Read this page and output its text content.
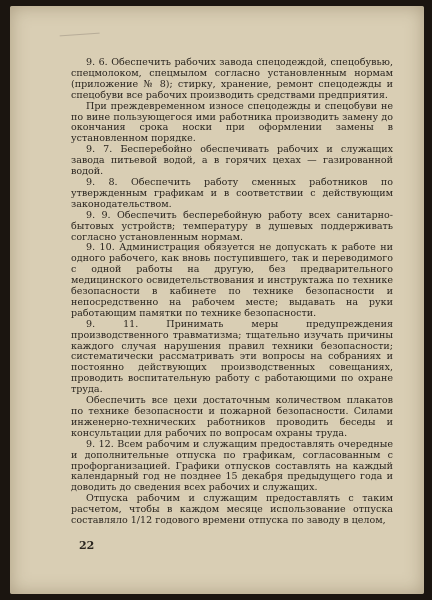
9. 6. Обеспечить рабочих завода спецодеждой, спецобувью, спецмолоком, спецмылом согласно установленным нормам (приложение № 8); стирку, хранение, ремонт спецодежды и спецобуви все рабочих производить средствами предприятия.

При преждевременном износе спецодежды и спецобуви не по вине пользующегося ими работника производить замену до окончания срока носки при оформлении замены в установленном порядке.

9. 7. Бесперебойно обеспечивать рабочих и служащих завода питьевой водой, а в горячих цехах — газированной водой.

9. 8. Обеспечить работу сменных работников по утвержденным графикам и в соответствии с действующим законодательством.

9. 9. Обеспечить бесперебойную работу всех санитарно-бытовых устройств; температуру в душевых поддерживать согласно установленным нормам.

9. 10. Администрация обязуется не допускать к работе ни одного рабочего, как вновь поступившего, так и переводимого с одной работы на другую, без предварительного медицинского освидетельствования и инструктажа по технике безопасности в кабинете по технике безопасности и непосредственно на рабочем месте; выдавать на руки работающим памятки по технике безопасности.

9. 11. Принимать меры предупреждения производственного травматизма; тщательно изучать причины каждого случая нарушения правил техники безопасности; систематически рассматривать эти вопросы на собраниях и постоянно действующих производственных совещаниях, проводить воспитательную работу с работающими по охране труда.

Обеспечить все цехи достаточным количеством плакатов по технике безопасности и пожарной безопасности. Силами инженерно-технических работников проводить беседы и консультации для рабочих по вопросам охраны труда.

9. 12. Всем рабочим и служащим предоставлять очередные и дополнительные отпуска по графикам, согласованным с профорганизацией. Графики отпусков составлять на каждый календарный год не позднее 15 декабря предыдущего года и доводить до сведения всех рабочих и служащих.

Отпуска рабочим и служащим предоставлять с таким расчетом, чтобы в каждом месяце использование отпуска составляло 1/12 годового времени отпуска по заводу в целом,

22
